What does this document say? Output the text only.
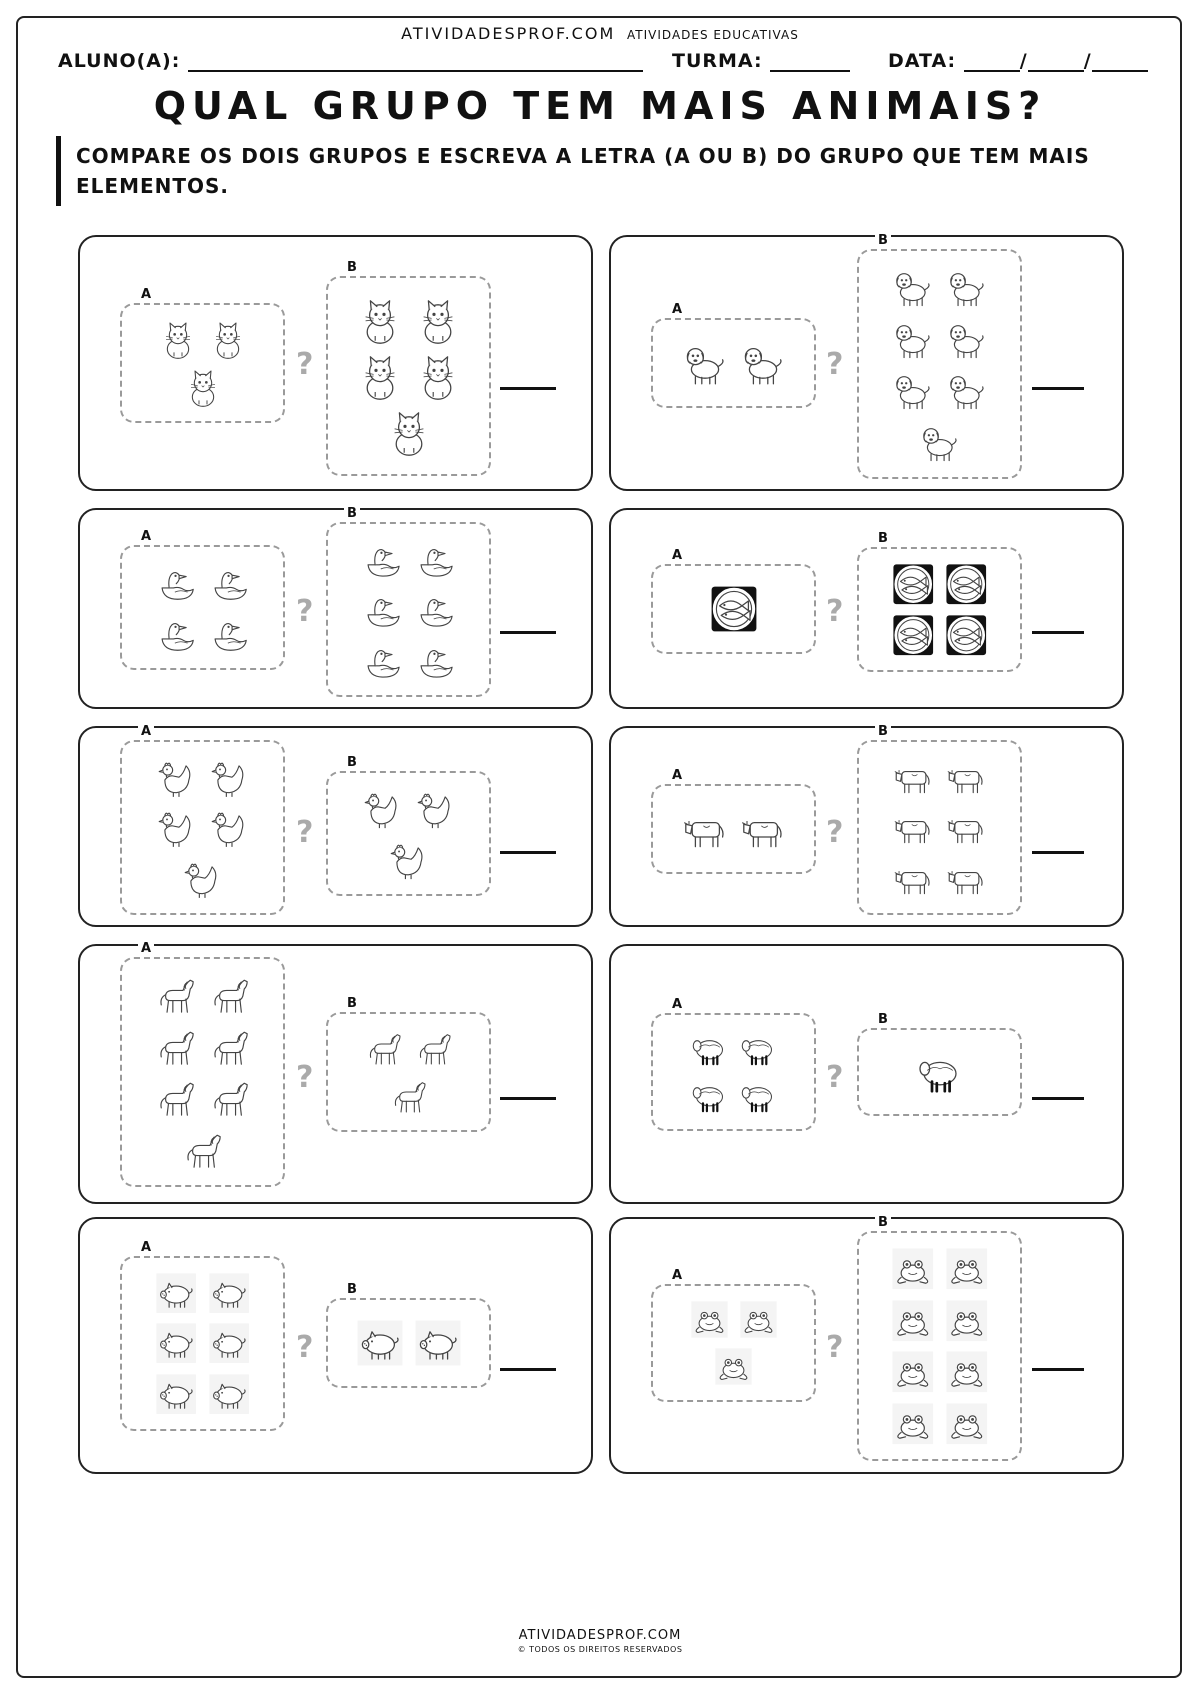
ATIVIDADESPROF.COM ATIVIDADES EDUCATIVAS
ALUNO(A):	TURMA:	DATA:	/	/
QUAL GRUPO TEM MAIS ANIMAIS?
COMPARE OS DOIS GRUPOS E ESCREVA A LETRA (A OU B) DO GRUPO QUE TEM MAIS ELEMENTOS.
A
B
?
A
B
?
A
B
?
A
B
?
A
B
?
A
B
?
A
B
?
A
B
?
A
B
?
A
B
?
ATIVIDADESPROF.COM
© TODOS OS DIREITOS RESERVADOS
